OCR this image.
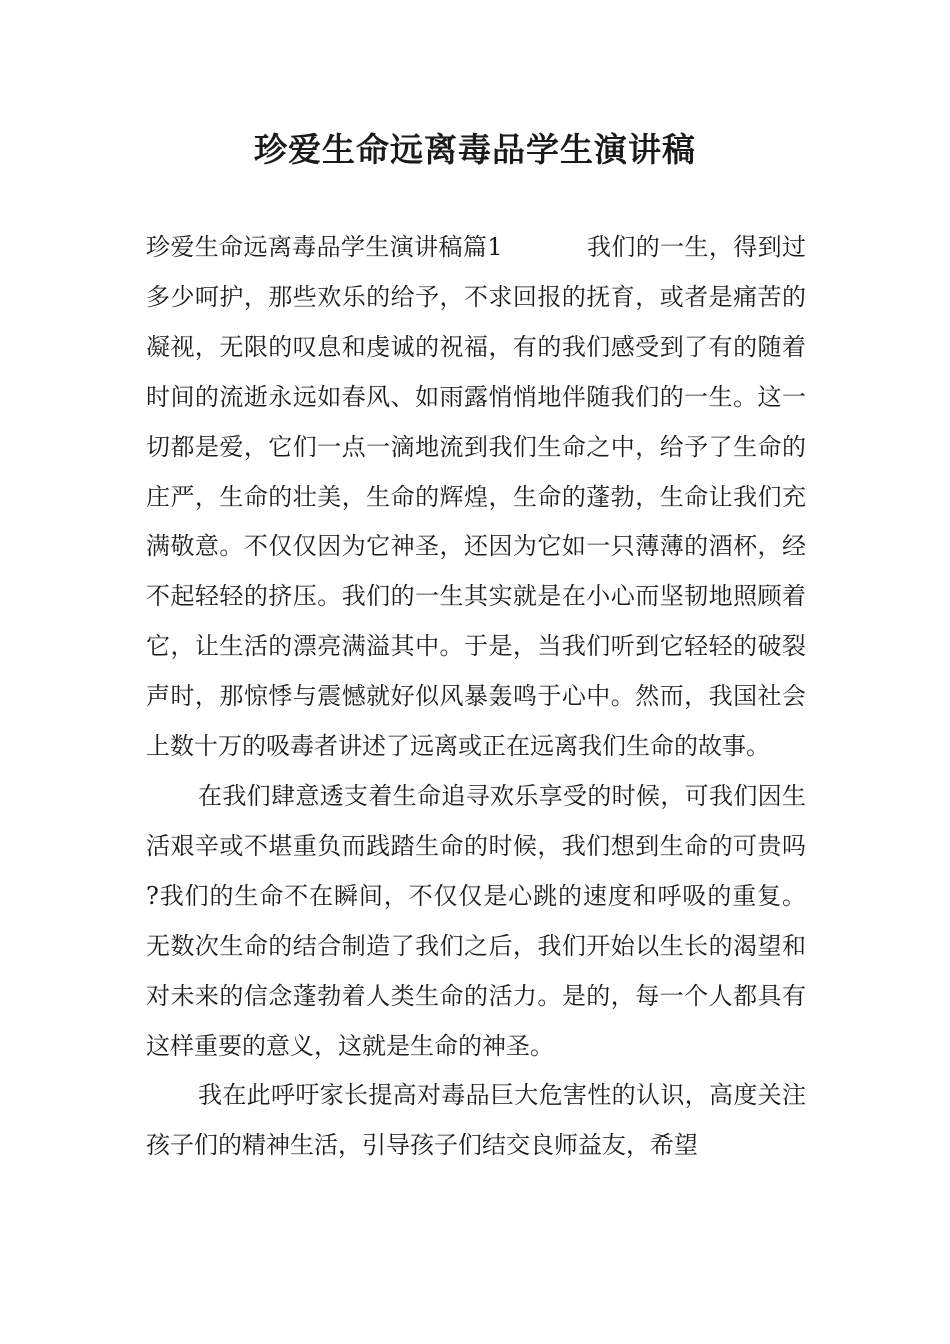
珍爱生命远离毒品学生演讲稿

珍爱生命远离毒品学生演讲稿篇1	我们的一生，得到过多少呵护，那些欢乐的给予，不求回报的抚育，或者是痛苦的凝视，无限的叹息和虔诚的祝福，有的我们感受到了有的随着时间的流逝永远如春风、如雨露悄悄地伴随我们的一生。这一切都是爱，它们一点一滴地流到我们生命之中，给予了生命的庄严，生命的壮美，生命的辉煌，生命的蓬勃，生命让我们充满敬意。不仅仅因为它神圣，还因为它如一只薄薄的酒杯，经不起轻轻的挤压。我们的一生其实就是在小心而坚韧地照顾着它，让生活的漂亮满溢其中。于是，当我们听到它轻轻的破裂声时，那惊悸与震憾就好似风暴轰鸣于心中。然而，我国社会上数十万的吸毒者讲述了远离或正在远离我们生命的故事。

在我们肆意透支着生命追寻欢乐享受的时候，可我们因生活艰辛或不堪重负而践踏生命的时候，我们想到生命的可贵吗?我们的生命不在瞬间，不仅仅是心跳的速度和呼吸的重复。无数次生命的结合制造了我们之后，我们开始以生长的渴望和对未来的信念蓬勃着人类生命的活力。是的，每一个人都具有这样重要的意义，这就是生命的神圣。

我在此呼吁家长提高对毒品巨大危害性的认识，高度关注孩子们的精神生活，引导孩子们结交良师益友，希望
